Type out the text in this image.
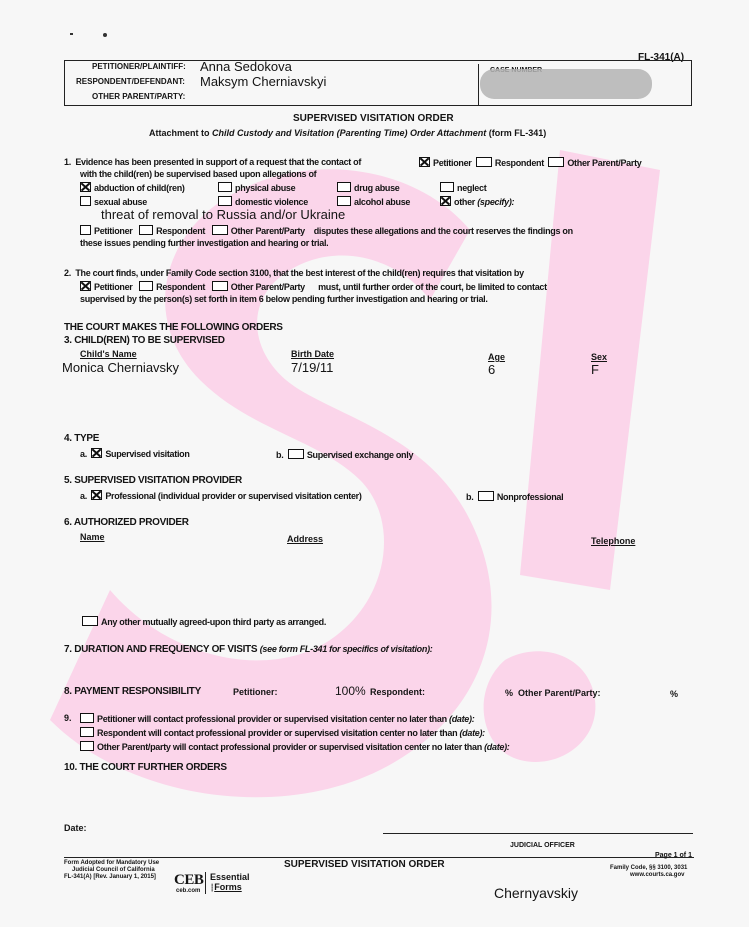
FL-341(A)
PETITIONER/PLAINTIFF: Anna Sedokova
RESPONDENT/DEFENDANT: Maksym Cherniavskyi
OTHER PARENT/PARTY:
SUPERVISED VISITATION ORDER
Attachment to Child Custody and Visitation (Parenting Time) Order Attachment (form FL-341)
1. Evidence has been presented in support of a request that the contact of	Petitioner	Respondent	Other Parent/Party
with the child(ren) be supervised based upon allegations of
abduction of child(ren)	physical abuse	drug abuse	neglect
sexual abuse	domestic violence	alcohol abuse	other (specify):
threat of removal to Russia and/or Ukraine
Petitioner	Respondent	Other Parent/Party disputes these allegations and the court reserves the findings on
these issues pending further investigation and hearing or trial.
2. The court finds, under Family Code section 3100, that the best interest of the child(ren) requires that visitation by
Petitioner	Respondent	Other Parent/Party must, until further order of the court, be limited to contact
supervised by the person(s) set forth in item 6 below pending further investigation and hearing or trial.
THE COURT MAKES THE FOLLOWING ORDERS
3. CHILD(REN) TO BE SUPERVISED
Child's Name	Birth Date	Age	Sex
Monica Cherniavsky	7/19/11	6	F
4. TYPE
a. Supervised visitation	b.	Supervised exchange only
5. SUPERVISED VISITATION PROVIDER
a. Professional (individual provider or supervised visitation center)	b.	Nonprofessional
6. AUTHORIZED PROVIDER
Name	Address	Telephone
Any other mutually agreed-upon third party as arranged.
7. DURATION AND FREQUENCY OF VISITS (see form FL-341 for specifics of visitation):
8. PAYMENT RESPONSIBILITY	Petitioner:	100% Respondent:	% Other Parent/Party:	%
9.	Petitioner will contact professional provider or supervised visitation center no later than (date):
Respondent will contact professional provider or supervised visitation center no later than (date):
Other Parent/party will contact professional provider or supervised visitation center no later than (date):
10. THE COURT FURTHER ORDERS
Date:
JUDICIAL OFFICER
Form Adopted for Mandatory Use
Judicial Council of California
FL-341(A) [Rev. January 1, 2015] CEB
ceb.com
Essential
┆Forms
SUPERVISED VISITATION ORDER
Page 1 of 1
Family Code, §§ 3100, 3031
www.courts.ca.gov
Chernyavskiy
